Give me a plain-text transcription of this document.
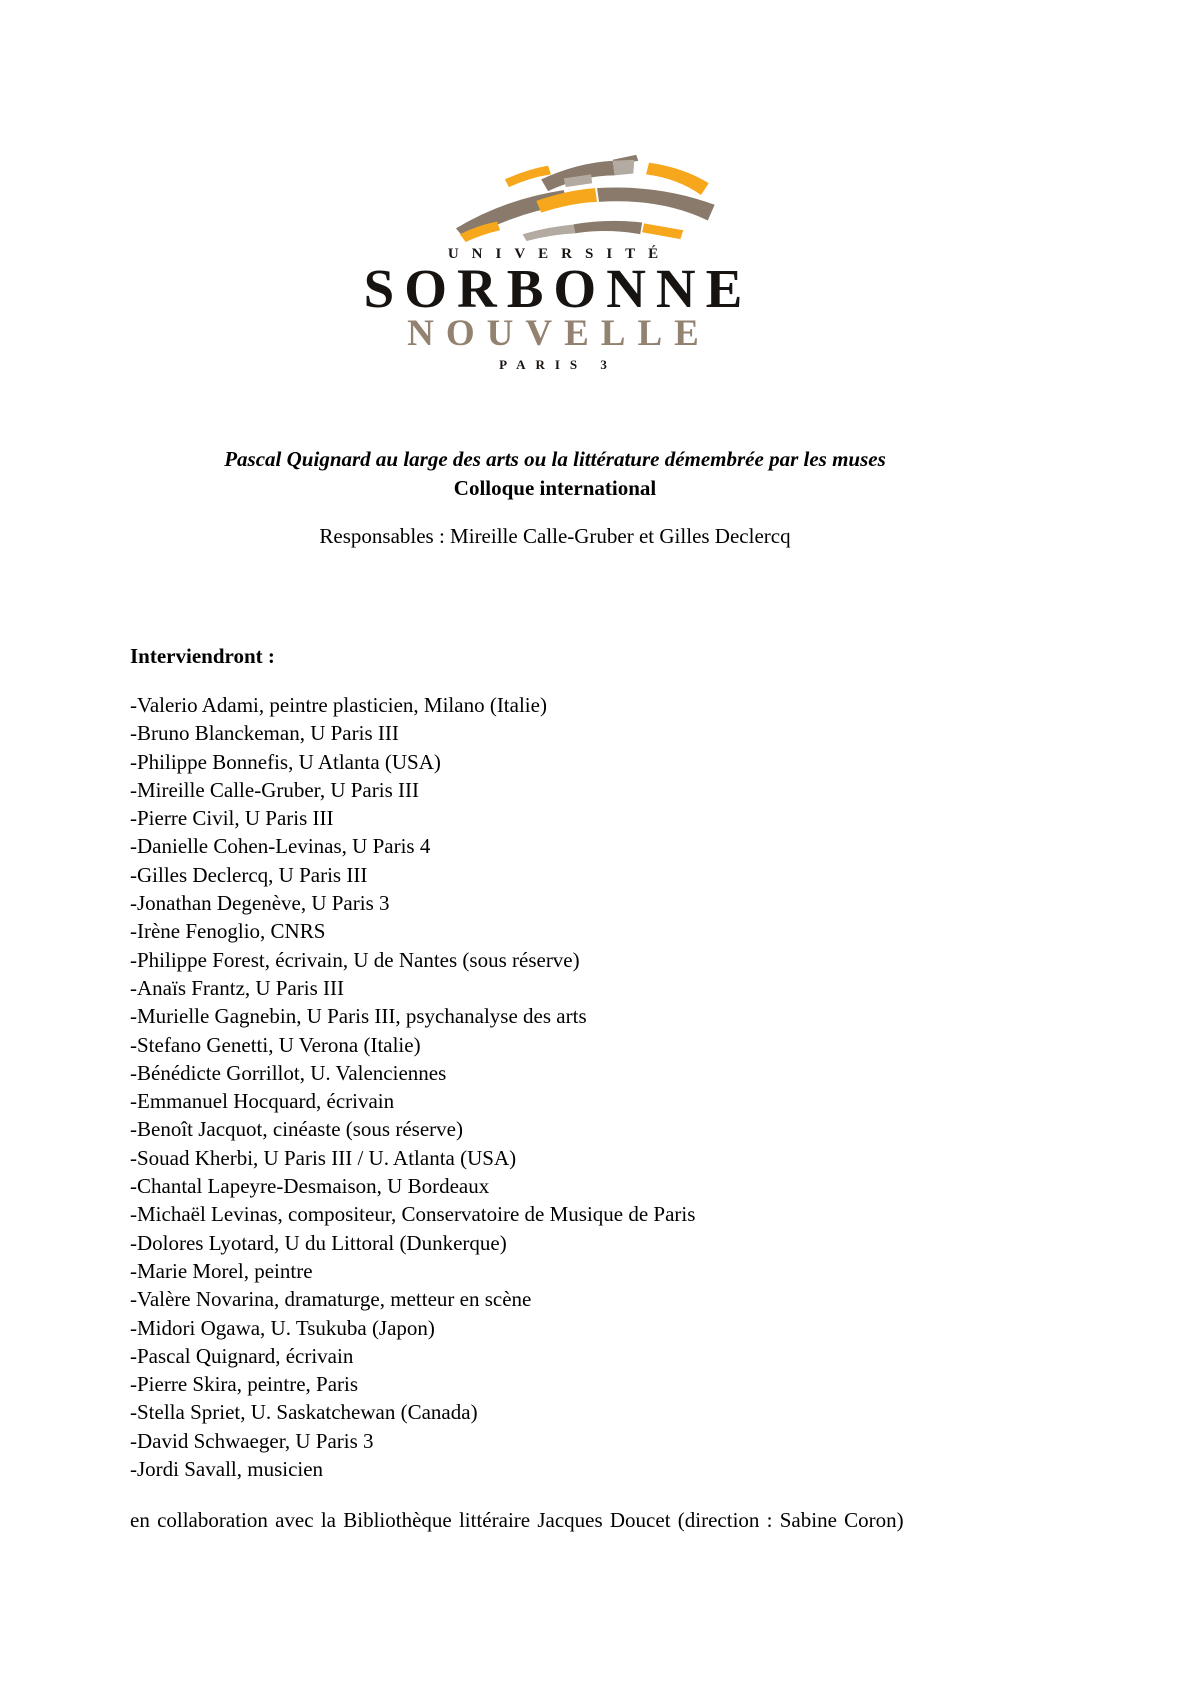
UNIVERSITÉ
SORBONNE
NOUVELLE
PARIS 3

Pascal Quignard au large des arts ou la littérature démembrée par les muses

Colloque international

Responsables : Mireille Calle-Gruber et Gilles Declercq

Interviendront :

-Valerio Adami, peintre plasticien, Milano (Italie)
-Bruno Blanckeman, U Paris III
-Philippe Bonnefis, U Atlanta (USA)
-Mireille Calle-Gruber, U Paris III
-Pierre Civil, U Paris III
-Danielle Cohen-Levinas, U Paris 4
-Gilles Declercq, U Paris III
-Jonathan Degenève, U Paris 3
-Irène Fenoglio, CNRS
-Philippe Forest, écrivain, U de Nantes (sous réserve)
-Anaïs Frantz, U Paris III
-Murielle Gagnebin, U Paris III, psychanalyse des arts
-Stefano Genetti, U Verona (Italie)
-Bénédicte Gorrillot, U. Valenciennes
-Emmanuel Hocquard, écrivain
-Benoît Jacquot, cinéaste (sous réserve)
-Souad Kherbi, U Paris III / U. Atlanta (USA)
-Chantal Lapeyre-Desmaison, U Bordeaux
-Michaël Levinas, compositeur, Conservatoire de Musique de Paris
-Dolores Lyotard, U du Littoral (Dunkerque)
-Marie Morel, peintre
-Valère Novarina, dramaturge, metteur en scène
-Midori Ogawa, U. Tsukuba (Japon)
-Pascal Quignard, écrivain
-Pierre Skira, peintre, Paris
-Stella Spriet, U. Saskatchewan (Canada)
-David Schwaeger, U Paris 3
-Jordi Savall, musicien

en collaboration avec la Bibliothèque littéraire Jacques Doucet (direction : Sabine Coron)
